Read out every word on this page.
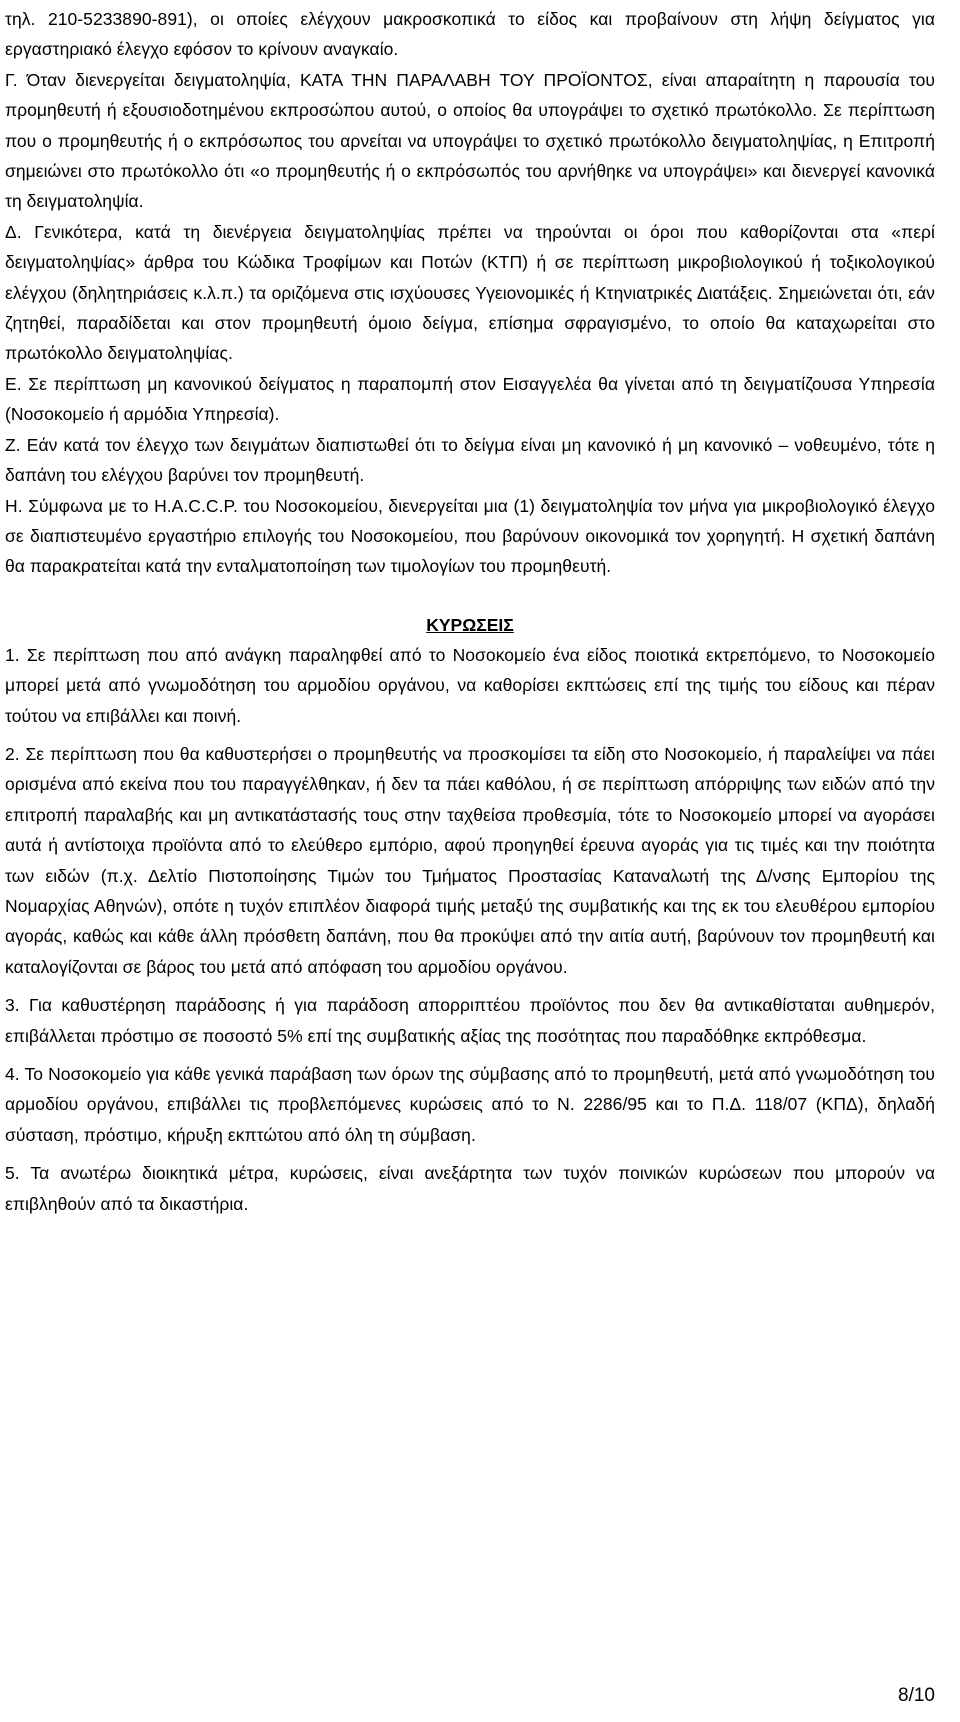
τηλ. 210-5233890-891), οι οποίες ελέγχουν μακροσκοπικά το είδος και προβαίνουν στη λήψη δείγματος για εργαστηριακό έλεγχο εφόσον το κρίνουν αναγκαίο.

Γ. Όταν διενεργείται δειγματοληψία, ΚΑΤΑ ΤΗΝ ΠΑΡΑΛΑΒΗ ΤΟΥ ΠΡΟΪΟΝΤΟΣ, είναι απαραίτητη η παρουσία του προμηθευτή ή εξουσιοδοτημένου εκπροσώπου αυτού, ο οποίος θα υπογράψει το σχετικό πρωτόκολλο. Σε περίπτωση που ο προμηθευτής ή ο εκπρόσωπος του αρνείται να υπογράψει το σχετικό πρωτόκολλο δειγματοληψίας, η Επιτροπή σημειώνει στο πρωτόκολλο ότι «ο προμηθευτής ή ο εκπρόσωπός του αρνήθηκε να υπογράψει» και διενεργεί κανονικά τη δειγματοληψία.

Δ. Γενικότερα, κατά τη διενέργεια δειγματοληψίας πρέπει να τηρούνται οι όροι που καθορίζονται στα «περί δειγματοληψίας» άρθρα του Κώδικα Τροφίμων και Ποτών (ΚΤΠ) ή σε περίπτωση μικροβιολογικού ή τοξικολογικού ελέγχου (δηλητηριάσεις κ.λ.π.) τα οριζόμενα στις ισχύουσες Υγειονομικές ή Κτηνιατρικές Διατάξεις. Σημειώνεται ότι, εάν ζητηθεί, παραδίδεται και στον προμηθευτή όμοιο δείγμα, επίσημα σφραγισμένο, το οποίο θα καταχωρείται στο πρωτόκολλο δειγματοληψίας.

Ε. Σε περίπτωση μη κανονικού δείγματος η παραπομπή στον Εισαγγελέα θα γίνεται από τη δειγματίζουσα Υπηρεσία (Νοσοκομείο ή αρμόδια Υπηρεσία).

Ζ. Εάν κατά τον έλεγχο των δειγμάτων διαπιστωθεί ότι το δείγμα είναι μη κανονικό ή μη κανονικό – νοθευμένο, τότε η δαπάνη του ελέγχου βαρύνει τον προμηθευτή.

Η. Σύμφωνα με το H.A.C.C.P. του Νοσοκομείου, διενεργείται μια (1) δειγματοληψία τον μήνα για μικροβιολογικό έλεγχο σε διαπιστευμένο εργαστήριο επιλογής του Νοσοκομείου, που βαρύνουν οικονομικά τον χορηγητή. Η σχετική δαπάνη θα παρακρατείται κατά την ενταλματοποίηση των τιμολογίων του προμηθευτή.

ΚΥΡΩΣΕΙΣ

1. Σε περίπτωση που από ανάγκη παραληφθεί από το Νοσοκομείο ένα είδος ποιοτικά εκτρεπόμενο, το Νοσοκομείο μπορεί μετά από γνωμοδότηση του αρμοδίου οργάνου, να καθορίσει εκπτώσεις επί της τιμής του είδους και πέραν τούτου να επιβάλλει και ποινή.

2. Σε περίπτωση που θα καθυστερήσει ο προμηθευτής να προσκομίσει τα είδη στο Νοσοκομείο, ή παραλείψει να πάει ορισμένα από εκείνα που του παραγγέλθηκαν, ή δεν τα πάει καθόλου, ή σε περίπτωση απόρριψης των ειδών από την επιτροπή παραλαβής και μη αντικατάστασής τους στην ταχθείσα προθεσμία, τότε το Νοσοκομείο μπορεί να αγοράσει αυτά ή αντίστοιχα προϊόντα από το ελεύθερο εμπόριο, αφού προηγηθεί έρευνα αγοράς για τις τιμές και την ποιότητα των ειδών (π.χ. Δελτίο Πιστοποίησης Τιμών του Τμήματος Προστασίας Καταναλωτή της Δ/νσης Εμπορίου της Νομαρχίας Αθηνών), οπότε η τυχόν επιπλέον διαφορά τιμής μεταξύ της συμβατικής και της εκ του ελευθέρου εμπορίου αγοράς, καθώς και κάθε άλλη πρόσθετη δαπάνη, που θα προκύψει από την αιτία αυτή, βαρύνουν τον προμηθευτή και καταλογίζονται σε βάρος του μετά από απόφαση του αρμοδίου οργάνου.

3. Για καθυστέρηση παράδοσης ή για παράδοση απορριπτέου προϊόντος που δεν θα αντικαθίσταται αυθημερόν, επιβάλλεται πρόστιμο σε ποσοστό 5% επί της συμβατικής αξίας της ποσότητας που παραδόθηκε εκπρόθεσμα.

4. Το Νοσοκομείο για κάθε γενικά παράβαση των όρων της σύμβασης από το προμηθευτή, μετά από γνωμοδότηση του αρμοδίου οργάνου, επιβάλλει τις προβλεπόμενες κυρώσεις από το Ν. 2286/95 και το Π.Δ. 118/07 (ΚΠΔ), δηλαδή σύσταση, πρόστιμο, κήρυξη εκπτώτου από όλη τη σύμβαση.

5. Τα ανωτέρω διοικητικά μέτρα, κυρώσεις, είναι ανεξάρτητα των τυχόν ποινικών κυρώσεων που μπορούν να επιβληθούν από τα δικαστήρια.

8/10
